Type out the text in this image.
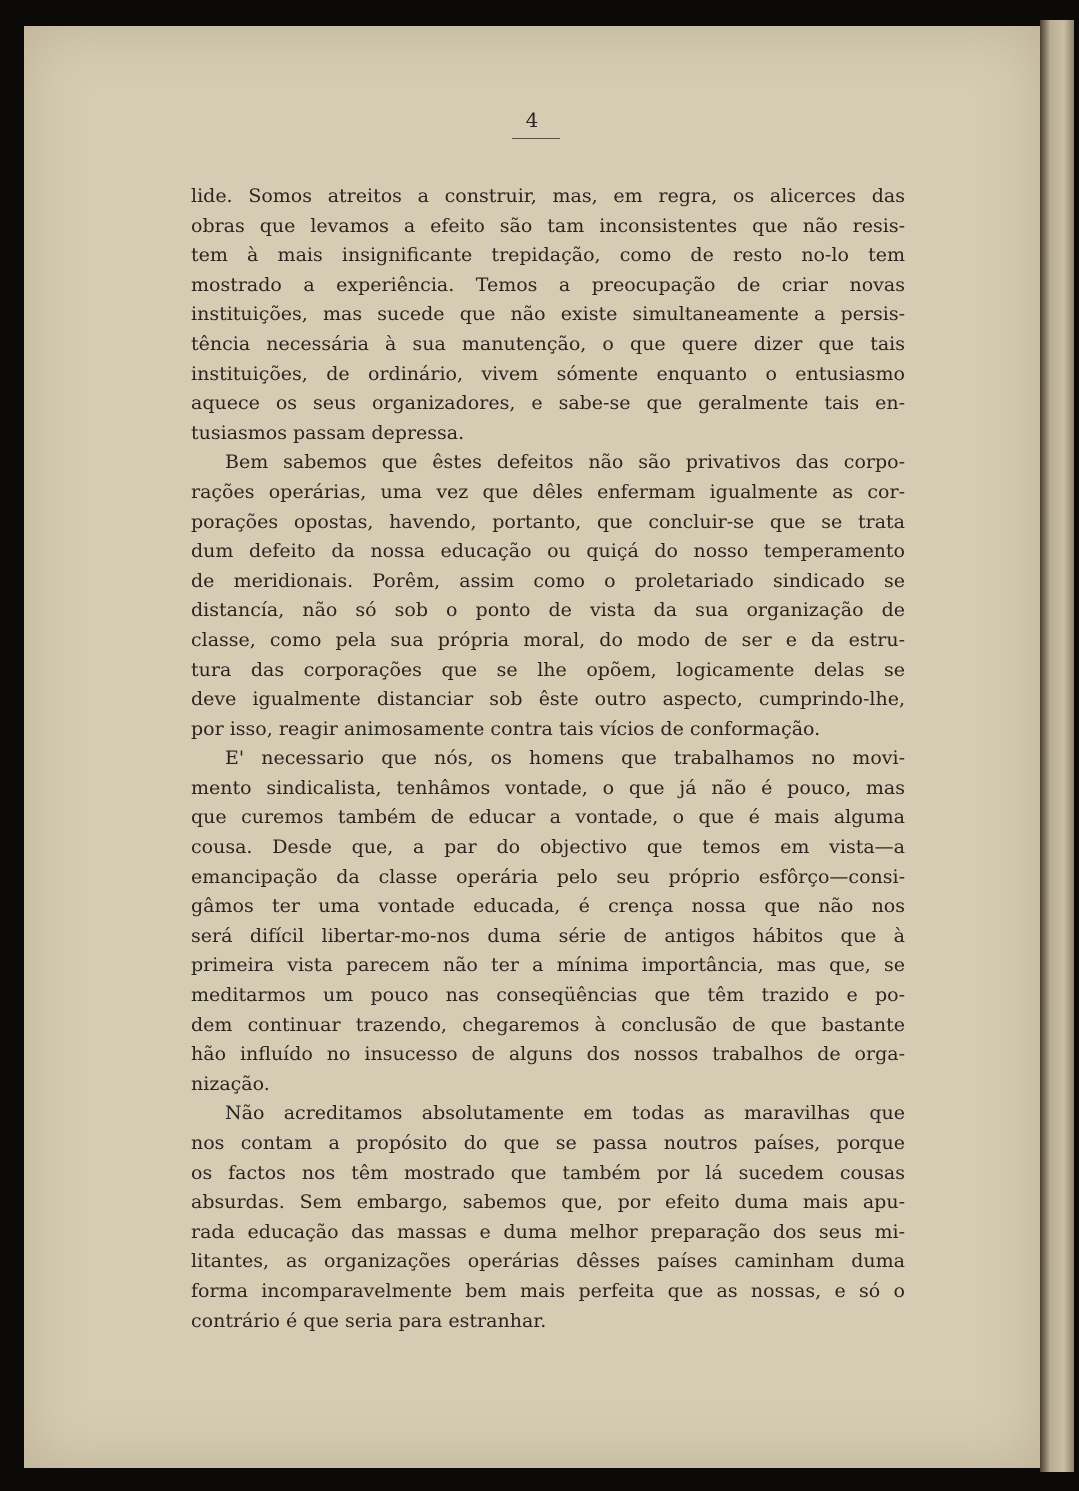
4
lide. Somos atreitos a construir, mas, em regra, os alicerces das
obras que levamos a efeito são tam inconsistentes que não resis-
tem à mais insignificante trepidação, como de resto no-lo tem
mostrado a experiência. Temos a preocupação de criar novas
instituições, mas sucede que não existe simultaneamente a persis-
tência necessária à sua manutenção, o que quere dizer que tais
instituições, de ordinário, vivem sómente enquanto o entusiasmo
aquece os seus organizadores, e sabe-se que geralmente tais en-
tusiasmos passam depressa.
Bem sabemos que êstes defeitos não são privativos das corpo-
rações operárias, uma vez que dêles enfermam igualmente as cor-
porações opostas, havendo, portanto, que concluir-se que se trata
dum defeito da nossa educação ou quiçá do nosso temperamento
de meridionais. Porêm, assim como o proletariado sindicado se
distancía, não só sob o ponto de vista da sua organização de
classe, como pela sua própria moral, do modo de ser e da estru-
tura das corporações que se lhe opõem, logicamente delas se
deve igualmente distanciar sob êste outro aspecto, cumprindo-lhe,
por isso, reagir animosamente contra tais vícios de conformação.
E' necessario que nós, os homens que trabalhamos no movi-
mento sindicalista, tenhâmos vontade, o que já não é pouco, mas
que curemos também de educar a vontade, o que é mais alguma
cousa. Desde que, a par do objectivo que temos em vista—a
emancipação da classe operária pelo seu próprio esfôrço—consi-
gâmos ter uma vontade educada, é crença nossa que não nos
será difícil libertar-mo-nos duma série de antigos hábitos que à
primeira vista parecem não ter a mínima importância, mas que, se
meditarmos um pouco nas conseqüências que têm trazido e po-
dem continuar trazendo, chegaremos à conclusão de que bastante
hão influído no insucesso de alguns dos nossos trabalhos de orga-
nização.
Não acreditamos absolutamente em todas as maravilhas que
nos contam a propósito do que se passa noutros países, porque
os factos nos têm mostrado que também por lá sucedem cousas
absurdas. Sem embargo, sabemos que, por efeito duma mais apu-
rada educação das massas e duma melhor preparação dos seus mi-
litantes, as organizações operárias dêsses países caminham duma
forma incomparavelmente bem mais perfeita que as nossas, e só o
contrário é que seria para estranhar.
